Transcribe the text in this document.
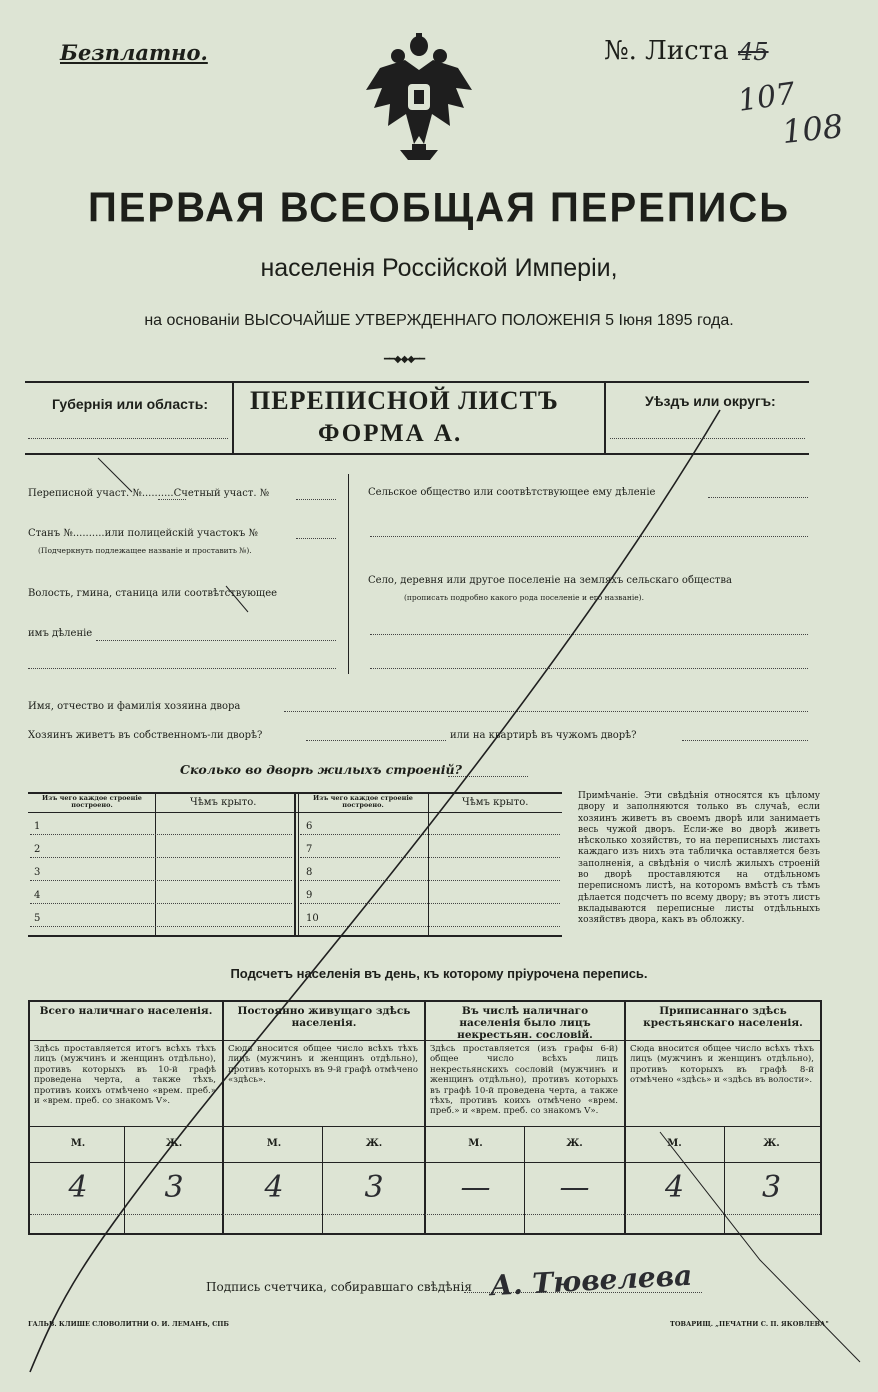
Безплатно.	№. Листа 45
107
108
ПЕРВАЯ ВСЕОБЩАЯ ПЕРЕПИСЬ
населенія Россійской Имперіи,
на основаніи ВЫСОЧАЙШЕ УТВЕРЖДЕННАГО ПОЛОЖЕНІЯ 5 Іюня 1895 года.
━━◆◆◆━━
Губернія или область: ПЕРЕПИСНОЙ ЛИСТЪ
ФОРМА А.
Уѣздъ или округъ:
Переписной участ. №..........Счетный участ. №
Станъ №..........или полицейскій участокъ №
(Подчеркнуть подлежащее названіе и проставить №).
Волость, гмина, станица или соотвѣтствующее
имъ дѣленіе
Сельское общество или соотвѣтствующее ему дѣленіе
Село, деревня или другое поселеніе на земляхъ сельскаго общества
(прописать подробно какого рода поселеніе и его названіе).
Имя, отчество и фамилія хозяина двора
Хозяинъ живетъ въ собственномъ-ли дворѣ?	или на квартирѣ въ чужомъ дворѣ?
Сколько во дворѣ жилыхъ строеній?
Изъ чего каждое строеніе построено.	Чѣмъ крыто.	Изъ чего каждое строеніе построено.	Чѣмъ крыто.
1
2
3
4
5
6
7
8
9
10
Примѣчаніе. Эти свѣдѣнія относятся къ цѣлому двору и заполняются только въ случаѣ, если хозяинъ живетъ въ своемъ дворѣ или занимаетъ весь чужой дворъ. Если-же во дворѣ живетъ нѣсколько хозяйствъ, то на переписныхъ листахъ каждаго изъ нихъ эта табличка оставляется безъ заполненія, а свѣдѣнія о числѣ жилыхъ строеній во дворѣ проставляются на отдѣльномъ переписномъ листѣ, на которомъ вмѣстѣ съ тѣмъ дѣлается подсчетъ по всему двору; въ этотъ листъ вкладываются переписные листы отдѣльныхъ хозяйствъ двора, какъ въ обложку.
Подсчетъ населенія въ день, къ которому пріурочена перепись.
Всего наличнаго населенія.
Здѣсь проставляется итогъ всѣхъ тѣхъ лицъ (мужчинъ и женщинъ отдѣльно), противъ которыхъ въ 10-й графѣ проведена черта, а также тѣхъ, противъ коихъ отмѣчено «врем. преб.» и «врем. преб. со знакомъ V».
М.	Ж.
4	3
Постоянно живущаго здѣсь населенія.
Сюда вносится общее число всѣхъ тѣхъ лицъ (мужчинъ и женщинъ отдѣльно), противъ которыхъ въ 9-й графѣ отмѣчено «здѣсь».
М.	Ж.
4	3
Въ числѣ наличнаго населенія было лицъ некрестьян. сословій.
Здѣсь проставляется (изъ графы 6-й) общее число всѣхъ лицъ некрестьянскихъ сословій (мужчинъ и женщинъ отдѣльно), противъ которыхъ въ графѣ 10-й проведена черта, а также тѣхъ, противъ коихъ отмѣчено «врем. преб.» и «врем. преб. со знакомъ V».
М.	Ж.
—	—
Приписаннаго здѣсь крестьянскаго населенія.
Сюда вносится общее число всѣхъ тѣхъ лицъ (мужчинъ и женщинъ отдѣльно), противъ которыхъ въ графѣ 8-й отмѣчено «здѣсь» и «здѣсь въ волости».
М.	Ж.
4	3
Подпись счетчика, собиравшаго свѣдѣнія А. Тювелева
ГАЛЬВ. КЛИШЕ СЛОВОЛИТНИ О. И. ЛЕМАНЪ, СПБ	ТОВАРИЩ. „ПЕЧАТНИ С. П. ЯКОВЛЕВА"
